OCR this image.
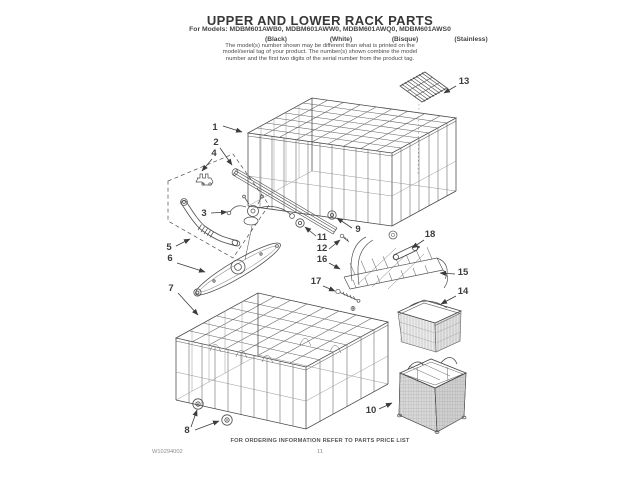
UPPER AND LOWER RACK PARTS
For Models: MDBM601AWB0, MDBM601AWW0, MDBM601AWQ0, MDBM601AWS0
(Black)	(White)	(Bisque)	(Stainless)
The model(s) number shown may be different than what is printed on the
model/serial tag of your product. The number(s) shown combine the model
number and the first two digits of the serial number from the product tag.
1
2
3
4
5
6
7
8
9
10
11
12
13
14
15
16
17
18
FOR ORDERING INFORMATION REFER TO PARTS PRICE LIST
W10294002	11
